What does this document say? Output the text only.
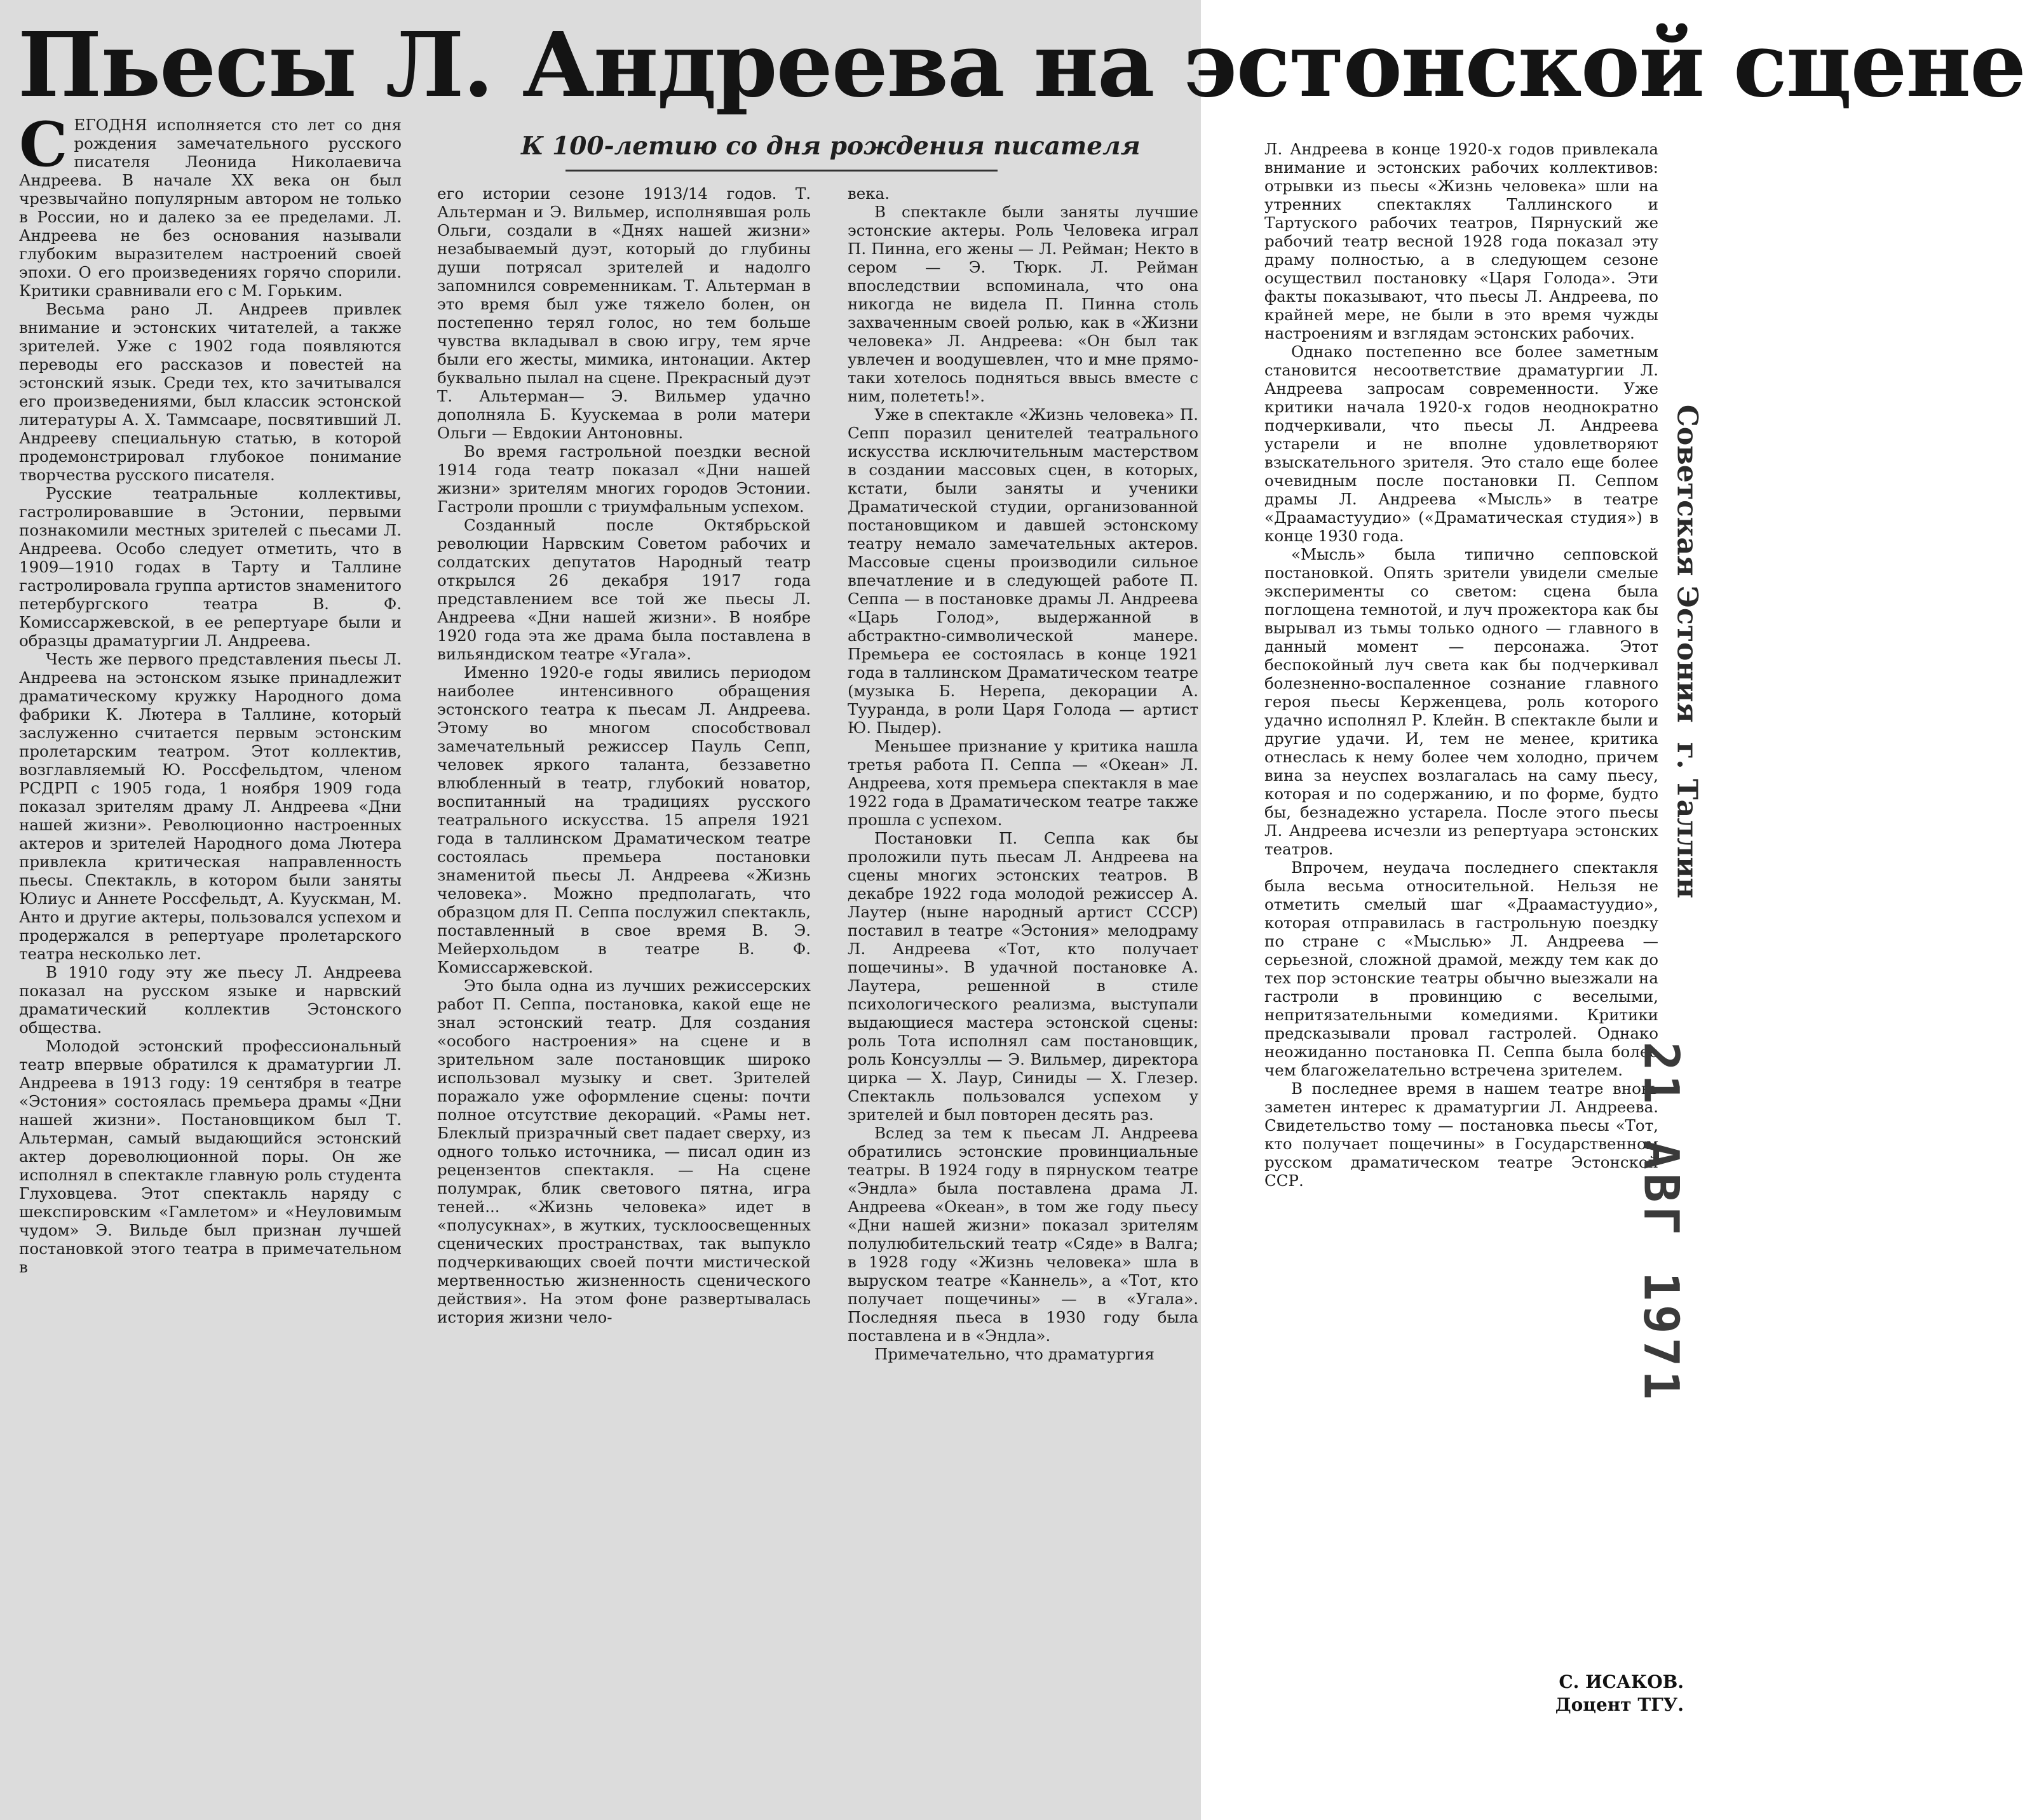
Пьесы Л. Андреева на эстонской сцене
К 100-летию со дня рождения писателя

СЕГОДНЯ исполняется сто лет со дня рождения замечательного русского писателя Леонида Николаевича Андреева. В начале XX века он был чрезвычайно популярным автором не только в России, но и далеко за ее пределами. Л. Андреева не без основания называли глубоким выразителем настроений своей эпохи. О его произведениях горячо спорили. Критики сравнивали его с М. Горьким.

Весьма рано Л. Андреев привлек внимание и эстонских читателей, а также зрителей. Уже с 1902 года появляются переводы его рассказов и повестей на эстонский язык. Среди тех, кто зачитывался его произведениями, был классик эстонской литературы А. Х. Таммсааре, посвятивший Л. Андрееву специальную статью, в которой продемонстрировал глубокое понимание творчества русского писателя.

Русские театральные коллективы, гастролировавшие в Эстонии, первыми познакомили местных зрителей с пьесами Л. Андреева. Особо следует отметить, что в 1909—1910 годах в Тарту и Таллине гастролировала группа артистов знаменитого петербургского театра В. Ф. Комиссаржевской, в ее репертуаре были и образцы драматургии Л. Андреева.

Честь же первого представления пьесы Л. Андреева на эстонском языке принадлежит драматическому кружку Народного дома фабрики К. Лютера в Таллине, который заслуженно считается первым эстонским пролетарским театром. Этот коллектив, возглавляемый Ю. Россфельдтом, членом РСДРП с 1905 года, 1 ноября 1909 года показал зрителям драму Л. Андреева «Дни нашей жизни». Революционно настроенных актеров и зрителей Народного дома Лютера привлекла критическая направленность пьесы. Спектакль, в котором были заняты Юлиус и Аннете Россфельдт, А. Куускман, М. Анто и другие актеры, пользовался успехом и продержался в репертуаре пролетарского театра несколько лет.

В 1910 году эту же пьесу Л. Андреева показал на русском языке и нарвский драматический коллектив Эстонского общества.

Молодой эстонский профессиональный театр впервые обратился к драматургии Л. Андреева в 1913 году: 19 сентября в театре «Эстония» состоялась премьера драмы «Дни нашей жизни». Постановщиком был Т. Альтерман, самый выдающийся эстонский актер дореволюционной поры. Он же исполнял в спектакле главную роль студента Глуховцева. Этот спектакль наряду с шекспировским «Гамлетом» и «Неуловимым чудом» Э. Вильде был признан лучшей постановкой этого театра в примечательном в

его истории сезоне 1913/14 годов. Т. Альтерман и Э. Вильмер, исполнявшая роль Ольги, создали в «Днях нашей жизни» незабываемый дуэт, который до глубины души потрясал зрителей и надолго запомнился современникам. Т. Альтерман в это время был уже тяжело болен, он постепенно терял голос, но тем больше чувства вкладывал в свою игру, тем ярче были его жесты, мимика, интонации. Актер буквально пылал на сцене. Прекрасный дуэт Т. Альтерман— Э. Вильмер удачно дополняла Б. Куускемаа в роли матери Ольги — Евдокии Антоновны.

Во время гастрольной поездки весной 1914 года театр показал «Дни нашей жизни» зрителям многих городов Эстонии. Гастроли прошли с триумфальным успехом.

Созданный после Октябрьской революции Нарвским Советом рабочих и солдатских депутатов Народный театр открылся 26 декабря 1917 года представлением все той же пьесы Л. Андреева «Дни нашей жизни». В ноябре 1920 года эта же драма была поставлена в вильяндиском театре «Угала».

Именно 1920-е годы явились периодом наиболее интенсивного обращения эстонского театра к пьесам Л. Андреева. Этому во многом способствовал замечательный режиссер Пауль Сепп, человек яркого таланта, беззаветно влюбленный в театр, глубокий новатор, воспитанный на традициях русского театрального искусства. 15 апреля 1921 года в таллинском Драматическом театре состоялась премьера постановки знаменитой пьесы Л. Андреева «Жизнь человека». Можно предполагать, что образцом для П. Сеппа послужил спектакль, поставленный в свое время В. Э. Мейерхольдом в театре В. Ф. Комиссаржевской.

Это была одна из лучших режиссерских работ П. Сеппа, постановка, какой еще не знал эстонский театр. Для создания «особого настроения» на сцене и в зрительном зале постановщик широко использовал музыку и свет. Зрителей поражало уже оформление сцены: почти полное отсутствие декораций. «Рамы нет. Блеклый призрачный свет падает сверху, из одного только источника, — писал один из рецензентов спектакля. — На сцене полумрак, блик светового пятна, игра теней... «Жизнь человека» идет в «полусукнах», в жутких, тусклоосвещенных сценических пространствах, так выпукло подчеркивающих своей почти мистической мертвенностью жизненность сценического действия». На этом фоне развертывалась история жизни чело-

века.

В спектакле были заняты лучшие эстонские актеры. Роль Человека играл П. Пинна, его жены — Л. Рейман; Некто в сером — Э. Тюрк. Л. Рейман впоследствии вспоминала, что она никогда не видела П. Пинна столь захваченным своей ролью, как в «Жизни человека» Л. Андреева: «Он был так увлечен и воодушевлен, что и мне прямо-таки хотелось подняться ввысь вместе с ним, полететь!».

Уже в спектакле «Жизнь человека» П. Сепп поразил ценителей театрального искусства исключительным мастерством в создании массовых сцен, в которых, кстати, были заняты и ученики Драматической студии, организованной постановщиком и давшей эстонскому театру немало замечательных актеров. Массовые сцены производили сильное впечатление и в следующей работе П. Сеппа — в постановке драмы Л. Андреева «Царь Голод», выдержанной в абстрактно-символической манере. Премьера ее состоялась в конце 1921 года в таллинском Драматическом театре (музыка Б. Нерепа, декорации А. Тууранда, в роли Царя Голода — артист Ю. Пыдер).

Меньшее признание у критика нашла третья работа П. Сеппа — «Океан» Л. Андреева, хотя премьера спектакля в мае 1922 года в Драматическом театре также прошла с успехом.

Постановки П. Сеппа как бы проложили путь пьесам Л. Андреева на сцены многих эстонских театров. В декабре 1922 года молодой режиссер А. Лаутер (ныне народный артист СССР) поставил в театре «Эстония» мелодраму Л. Андреева «Тот, кто получает пощечины». В удачной постановке А. Лаутера, решенной в стиле психологического реализма, выступали выдающиеся мастера эстонской сцены: роль Тота исполнял сам постановщик, роль Консуэллы — Э. Вильмер, директора цирка — Х. Лаур, Синиды — Х. Глезер. Спектакль пользовался успехом у зрителей и был повторен десять раз.

Вслед за тем к пьесам Л. Андреева обратились эстонские провинциальные театры. В 1924 году в пярнуском театре «Эндла» была поставлена драма Л. Андреева «Океан», в том же году пьесу «Дни нашей жизни» показал зрителям полулюбительский театр «Сяде» в Валга; в 1928 году «Жизнь человека» шла в выруском театре «Каннель», а «Тот, кто получает пощечины» — в «Угала». Последняя пьеса в 1930 году была поставлена и в «Эндла».

Примечательно, что драматургия

Л. Андреева в конце 1920-х годов привлекала внимание и эстонских рабочих коллективов: отрывки из пьесы «Жизнь человека» шли на утренних спектаклях Таллинского и Тартуского рабочих театров, Пярнуский же рабочий театр весной 1928 года показал эту драму полностью, а в следующем сезоне осуществил постановку «Царя Голода». Эти факты показывают, что пьесы Л. Андреева, по крайней мере, не были в это время чужды настроениям и взглядам эстонских рабочих.

Однако постепенно все более заметным становится несоответствие драматургии Л. Андреева запросам современности. Уже критики начала 1920-х годов неоднократно подчеркивали, что пьесы Л. Андреева устарели и не вполне удовлетворяют взыскательного зрителя. Это стало еще более очевидным после постановки П. Сеппом драмы Л. Андреева «Мысль» в театре «Драамастуудио» («Драматическая студия») в конце 1930 года.

«Мысль» была типично сепповской постановкой. Опять зрители увидели смелые эксперименты со светом: сцена была поглощена темнотой, и луч прожектора как бы вырывал из тьмы только одного — главного в данный момент — персонажа. Этот беспокойный луч света как бы подчеркивал болезненно-воспаленное сознание главного героя пьесы Керженцева, роль которого удачно исполнял Р. Клейн. В спектакле были и другие удачи. И, тем не менее, критика отнеслась к нему более чем холодно, причем вина за неуспех возлагалась на саму пьесу, которая и по содержанию, и по форме, будто бы, безнадежно устарела. После этого пьесы Л. Андреева исчезли из репертуара эстонских театров.

Впрочем, неудача последнего спектакля была весьма относительной. Нельзя не отметить смелый шаг «Драамастуудио», которая отправилась в гастрольную поездку по стране с «Мыслью» Л. Андреева — серьезной, сложной драмой, между тем как до тех пор эстонские театры обычно выезжали на гастроли в провинцию с веселыми, непритязательными комедиями. Критики предсказывали провал гастролей. Однако неожиданно постановка П. Сеппа была более чем благожелательно встречена зрителем.

В последнее время в нашем театре вновь заметен интерес к драматургии Л. Андреева. Свидетельство тому — постановка пьесы «Тот, кто получает пощечины» в Государственном русском драматическом театре Эстонской ССР.

С. ИСАКОВ.
Доцент ТГУ.
Советская Эстония  г. Таллин
21 АВГ 1971
